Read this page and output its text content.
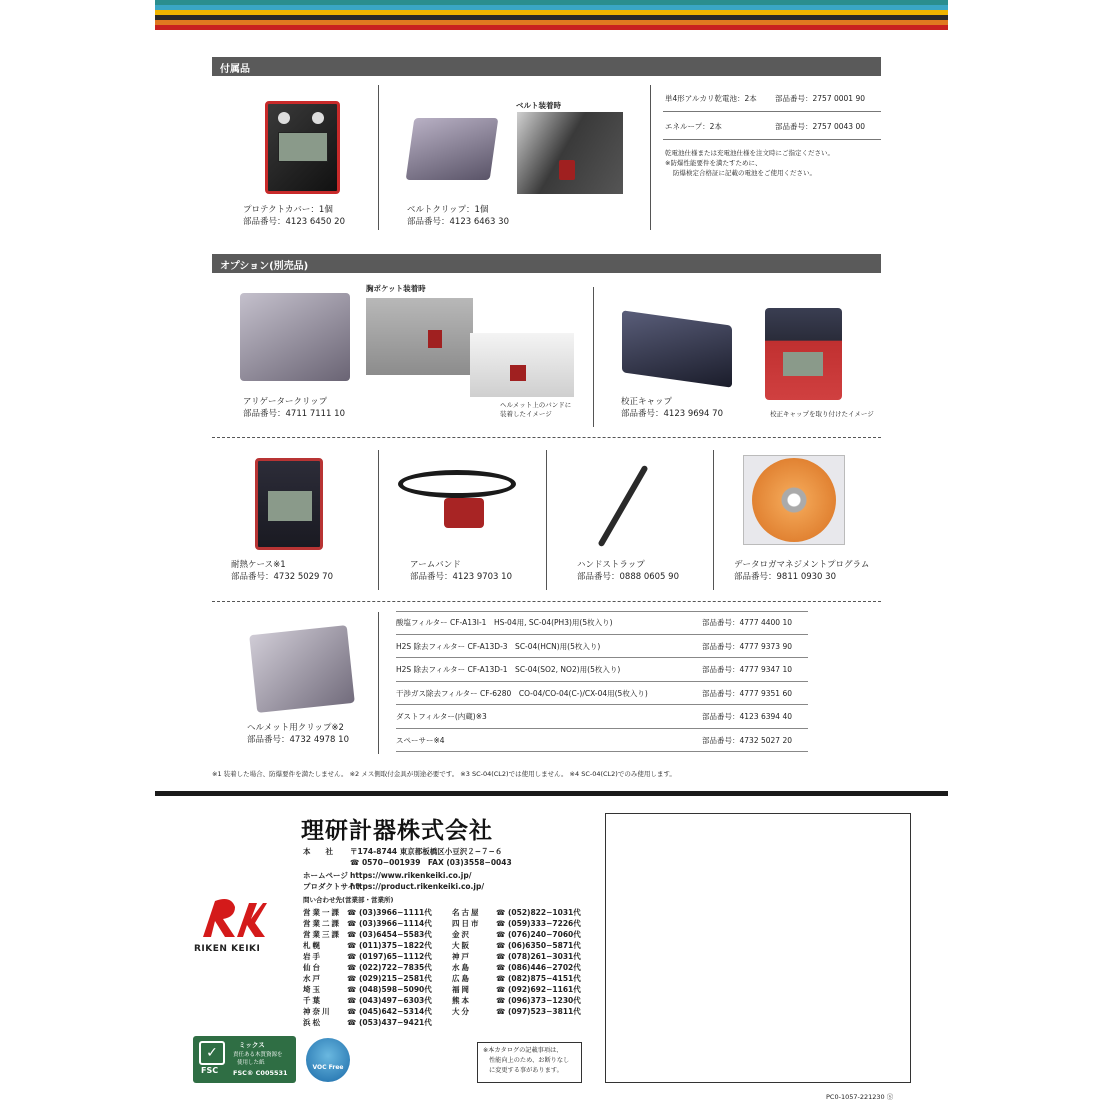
付属品
プロテクトカバー：1個
部品番号：4123 6450 20
ベルト装着時
ベルトクリップ：1個
部品番号：4123 6463 30
単4形アルカリ乾電池：2本 部品番号：2757 0001 90
エネループ：2本	部品番号：2757 0043 00
乾電池仕様または充電池仕様を注文時にご指定ください。
※防爆性能要件を満たすために、
防爆検定合格証に記載の電池をご使用ください。
オプション(別売品)
胸ポケット装着時
ヘルメット上のバンドに
装着したイメージ
アリゲータークリップ
部品番号：4711 7111 10
校正キャップ
部品番号：4123 9694 70	校正キャップを取り付けたイメージ
耐熱ケース※1
部品番号：4732 5029 70
アームバンド
部品番号：4123 9703 10
ハンドストラップ
部品番号：0888 0605 90
データロガマネジメントプログラム
部品番号：9811 0930 30
ヘルメット用クリップ※2
部品番号：4732 4978 10
酸塩フィルター CF-A13I-1　HS-04用, SC-04(PH3)用(5枚入り)	部品番号：4777 4400 10
H2S 除去フィルター CF-A13D-3　SC-04(HCN)用(5枚入り)	部品番号：4777 9373 90
H2S 除去フィルター CF-A13D-1　SC-04(SO2, NO2)用(5枚入り)	部品番号：4777 9347 10
干渉ガス除去フィルター CF-6280　CO-04/CO-04(C-)/CX-04用(5枚入り)	部品番号：4777 9351 60
ダストフィルター(内蔵)※3	部品番号：4123 6394 40
スペーサー※4	部品番号：4732 5027 20
※1 装着した場合、防爆要件を満たしません。 ※2 メス側取付金具が別途必要です。 ※3 SC-04(CL2)では使用しません。 ※4 SC-04(CL2)でのみ使用します。
RIKEN KEIKI
理研計器株式会社
本　　社 〒174-8744 東京都板橋区小豆沢２−７−６
☎ 0570−001939　FAX (03)3558−0043
ホームページ https://www.rikenkeiki.co.jp/
プロダクトサイト
https://product.rikenkeiki.co.jp/
問い合わせ先(営業部・営業所)
営業一課 ☎ (03)3966−1111代
営業二課 ☎ (03)3966−1114代
営業三課 ☎ (03)6454−5583代
札幌	☎ (011)375−1822代
岩手	☎ (0197)65−1112代
仙台	☎ (022)722−7835代
水戸	☎ (029)215−2581代
埼玉	☎ (048)598−5090代
千葉	☎ (043)497−6303代
神奈川 ☎ (045)642−5314代
浜松	☎ (053)437−9421代
名古屋 ☎ (052)822−1031代
四日市 ☎ (059)333−7226代
金沢	☎ (076)240−7060代
大阪	☎ (06)6350−5871代
神戸	☎ (078)261−3031代
水島	☎ (086)446−2702代
広島	☎ (082)875−4151代
福岡	☎ (092)692−1161代
熊本	☎ (096)373−1230代
大分	☎ (097)523−3811代
✓
FSC
ミックス
責任ある木質資源を
使用した紙
FSC® C005531
VOC Free
※本カタログの記載事項は、
性能向上のため、お断りなし
に変更する事があります。
PC0-1057-221230 Ⓢ
